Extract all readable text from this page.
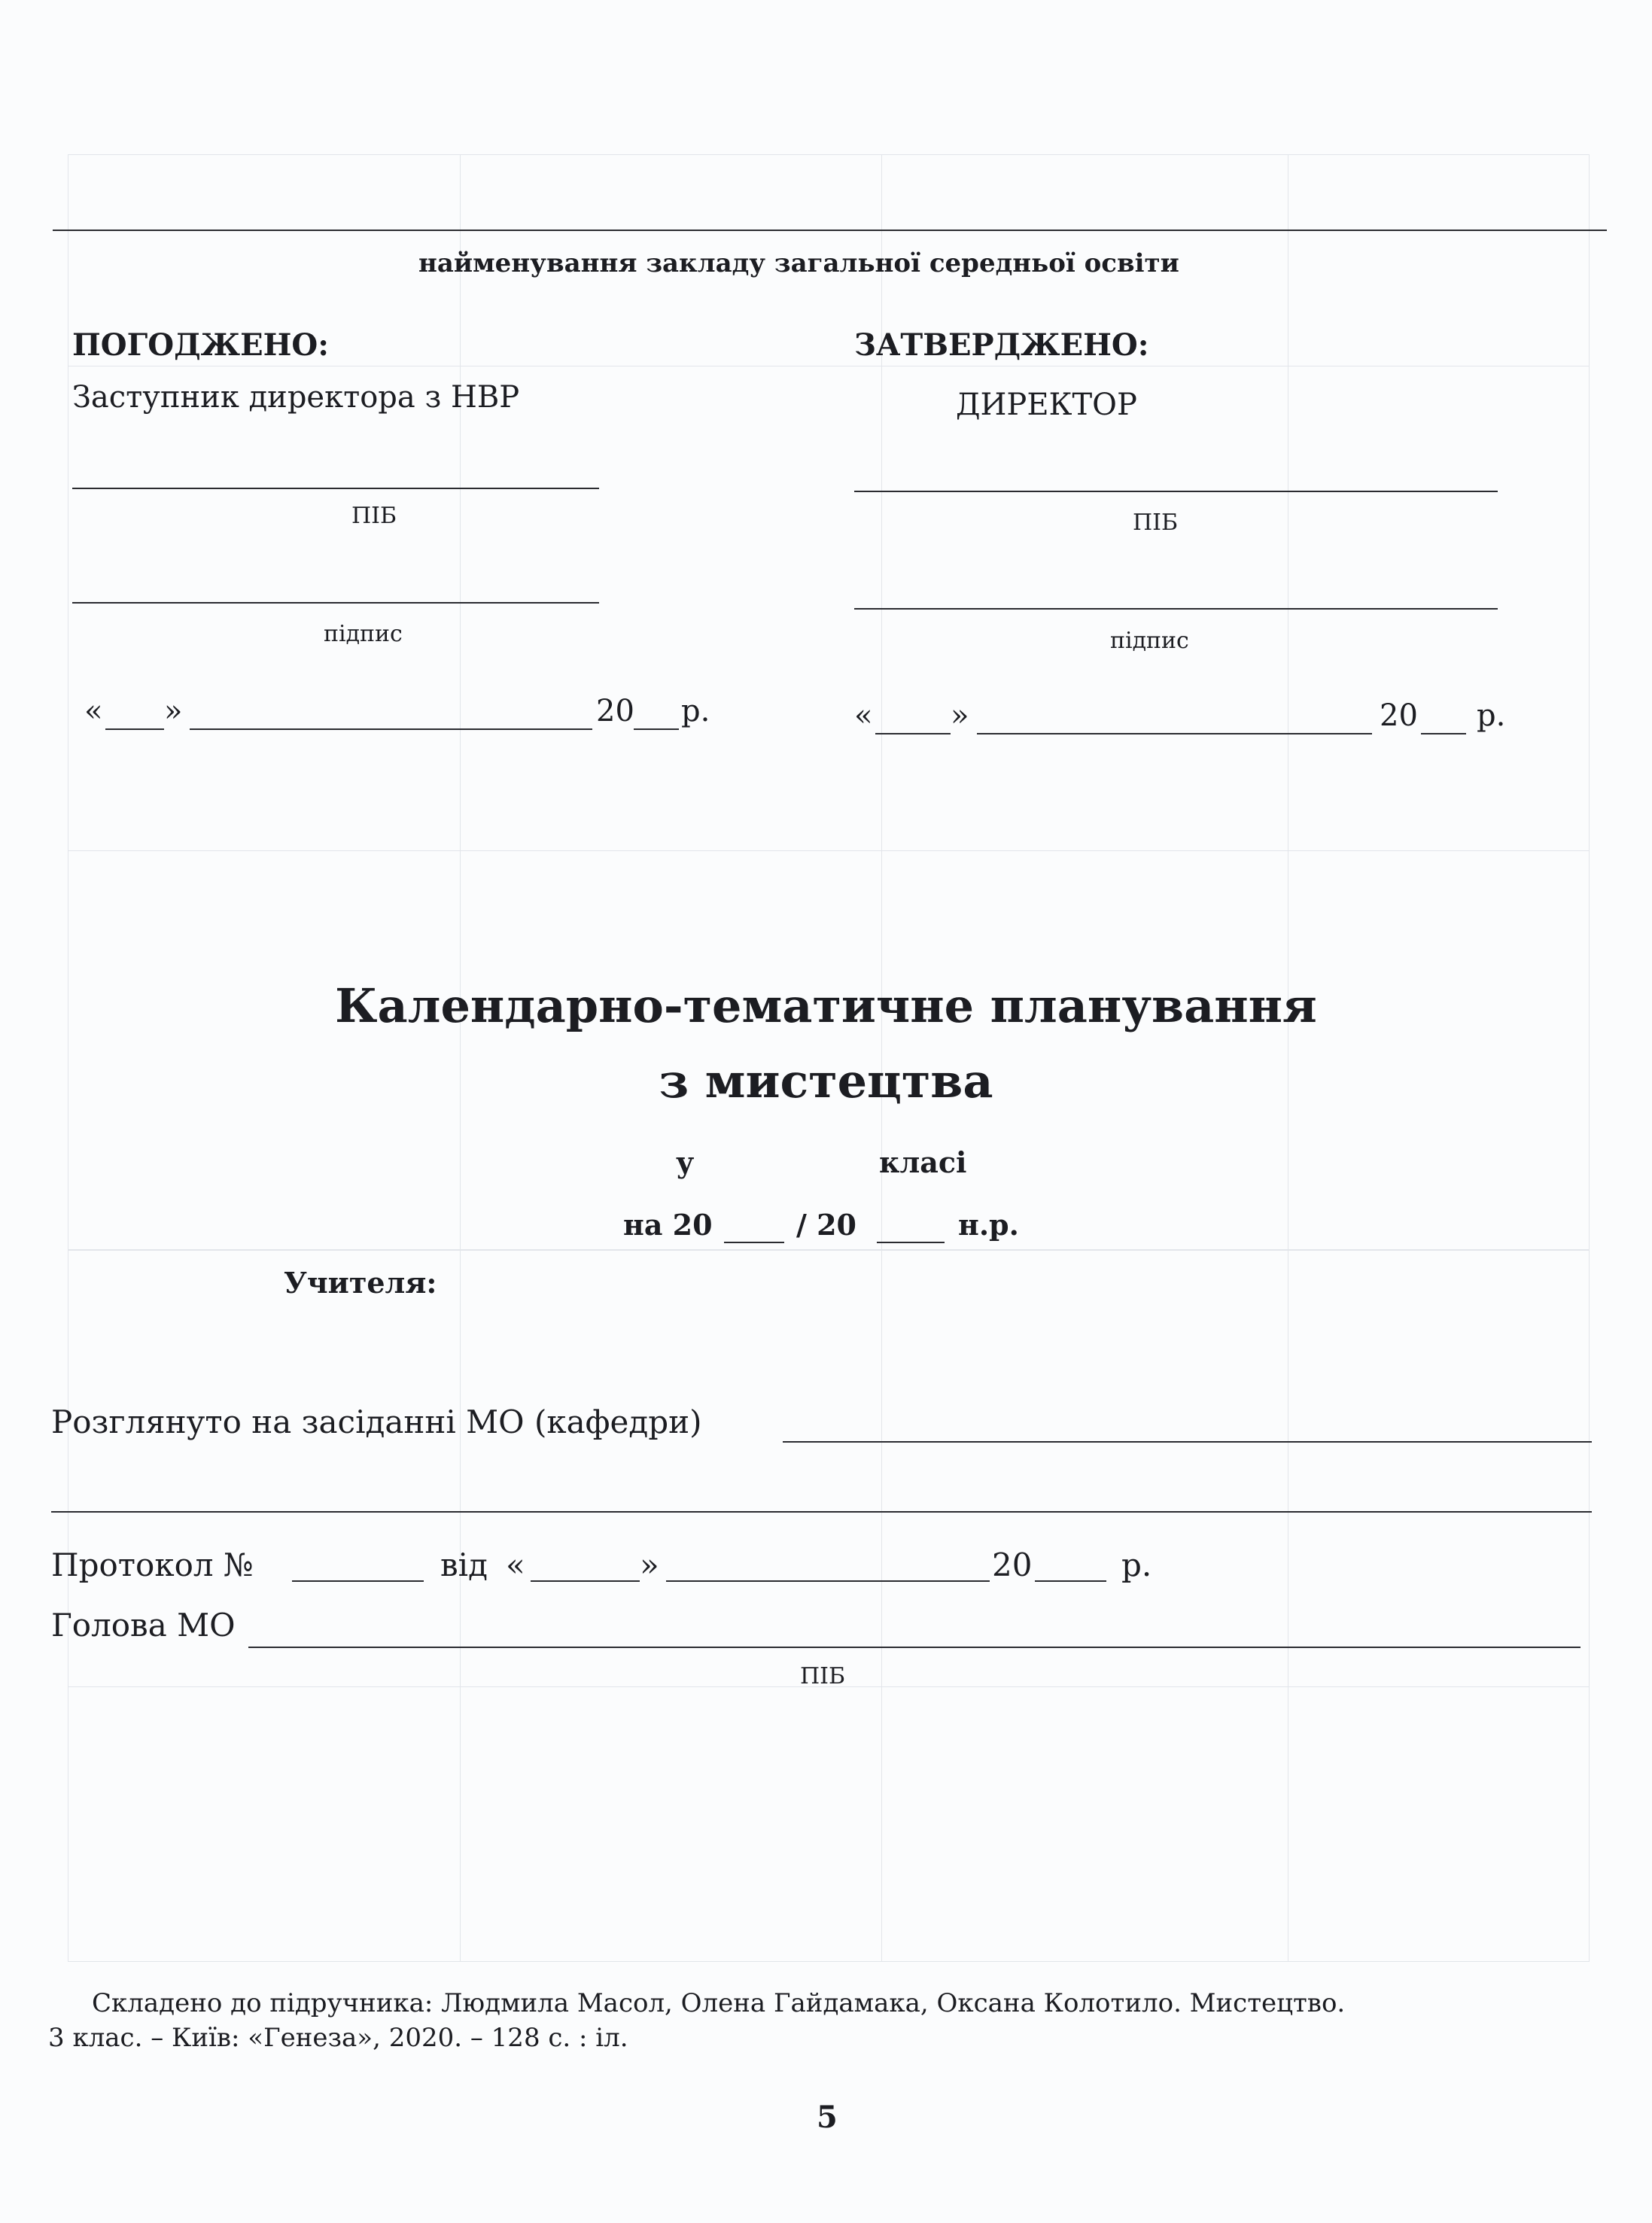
найменування закладу загальної середньої освіти
ПОГОДЖЕНО:
Заступник директора з НВР
ПІБ
підпис
« »	20 р.
ЗАТВЕРДЖЕНО:
ДИРЕКТОР
ПІБ
підпис
«	»	20 р.
Календарно-тематичне планування
з мистецтва
у	класі
на 20	/ 20	н.р.
Учителя:
Розглянуто на засіданні МО (кафедри)
Протокол №	від «	»	20	р.
Голова МО
ПІБ
Складено до підручника: Людмила Масол, Олена Гайдамака, Оксана Колотило. Мистецтво.
3 клас. – Київ: «Генеза», 2020. – 128 с. : іл.
5
